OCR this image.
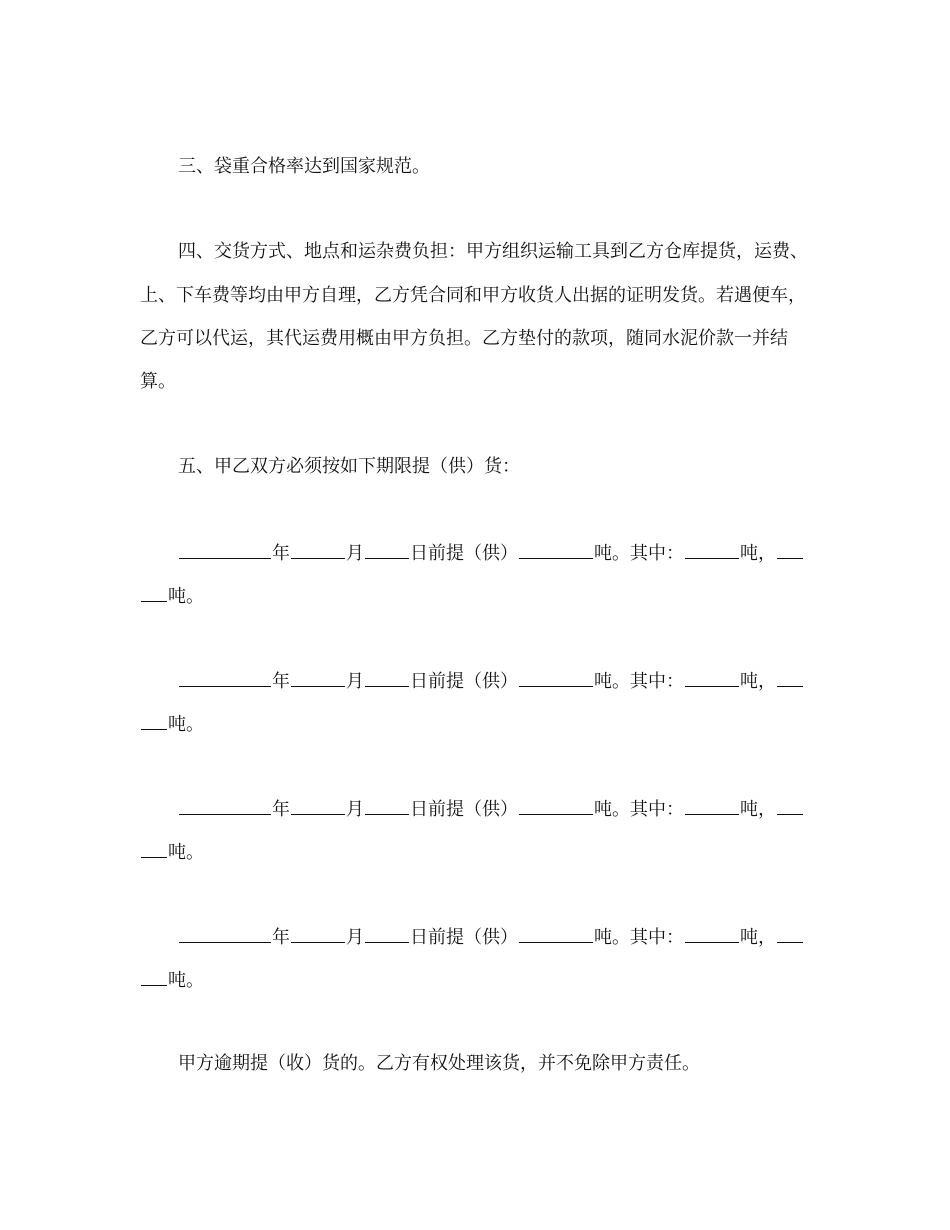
三、袋重合格率达到国家规范。
四、交货方式、地点和运杂费负担：甲方组织运输工具到乙方仓库提货，运费、
上、下车费等均由甲方自理，乙方凭合同和甲方收货人出据的证明发货。若遇便车，
乙方可以代运，其代运费用概由甲方负担。乙方垫付的款项，随同水泥价款一并结
算。
五、甲乙双方必须按如下期限提（供）货：
年	月	日前提（供）	吨。其中：	吨，
吨。
年	月	日前提（供）	吨。其中：	吨，
吨。
年	月	日前提（供）	吨。其中：	吨，
吨。
年	月	日前提（供）	吨。其中：	吨，
吨。
甲方逾期提（收）货的。乙方有权处理该货，并不免除甲方责任。
